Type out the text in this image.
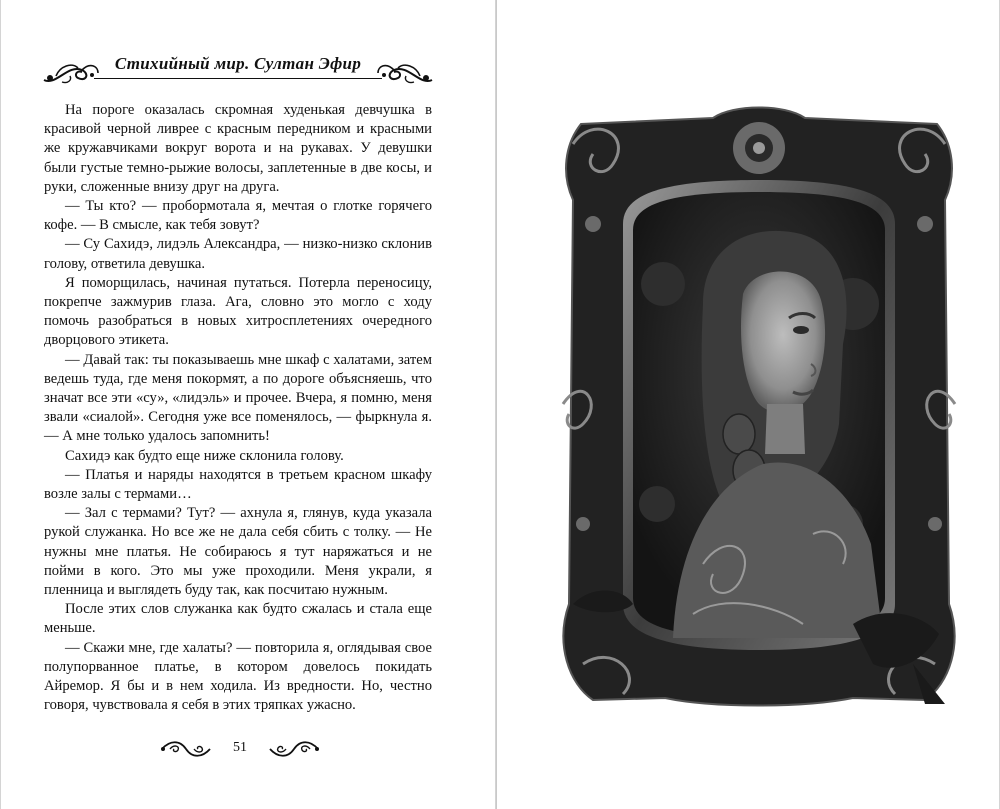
Стихийный мир. Султан Эфир

На пороге оказалась скромная худенькая девчушка в красивой черной ливрее с красным передником и красными же кружавчиками вокруг ворота и на рукавах. У девушки были густые темно-рыжие волосы, заплетенные в две косы, и руки, сложенные внизу друг на друга.

— Ты кто? — пробормотала я, мечтая о глотке горячего кофе. — В смысле, как тебя зовут?

— Су Сахидэ, лидэль Александра, — низко-низко склонив голову, ответила девушка.

Я поморщилась, начиная путаться. Потерла переносицу, покрепче зажмурив глаза. Ага, словно это могло с ходу помочь разобраться в новых хитросплетениях очередного дворцового этикета.

— Давай так: ты показываешь мне шкаф с халатами, затем ведешь туда, где меня покормят, а по дороге объясняешь, что значат все эти «су», «лидэль» и прочее. Вчера, я помню, меня звали «сиалой». Сегодня уже все поменялось, — фыркнула я. — А мне только удалось запомнить!

Сахидэ как будто еще ниже склонила голову.

— Платья и наряды находятся в третьем красном шкафу возле залы с термами…

— Зал с термами? Тут? — ахнула я, глянув, куда указала рукой служанка. Но все же не дала себя сбить с толку. — Не нужны мне платья. Не собираюсь я тут наряжаться и не пойми в кого. Это мы уже проходили. Меня украли, я пленница и выглядеть буду так, как посчитаю нужным.

После этих слов служанка как будто сжалась и стала еще меньше.

— Скажи мне, где халаты? — повторила я, оглядывая свое полупорванное платье, в котором довелось покидать Айремор. Я бы и в нем ходила. Из вредности. Но, честно говоря, чувствовала я себя в этих тряпках ужасно.

51
